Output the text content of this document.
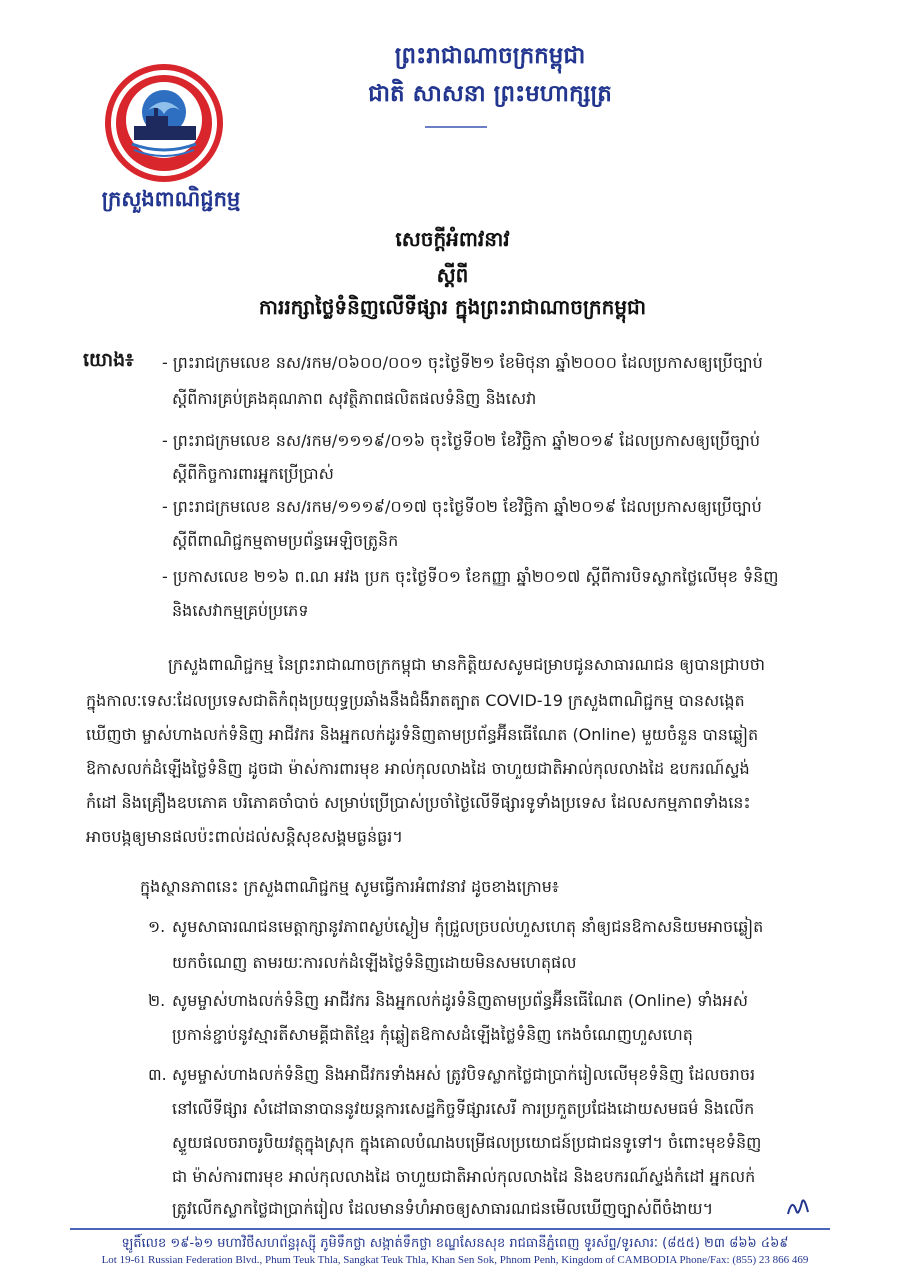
ក្រសួងពាណិជ្ជកម្ម
ព្រះរាជាណាចក្រកម្ពុជា
ជាតិ សាសនា ព្រះមហាក្សត្រ
សេចក្តីអំពាវនាវ
ស្តីពី
ការរក្សាថ្លៃទំនិញលើទីផ្សារ ក្នុងព្រះរាជាណាចក្រកម្ពុជា
យោង៖ - ព្រះរាជក្រមលេខ នស/រកម/០៦០០/០០១ ចុះថ្ងៃទី២១ ខែមិថុនា ឆ្នាំ២០០០ ដែលប្រកាសឲ្យប្រើច្បាប់
ស្តីពីការគ្រប់គ្រងគុណភាព សុវត្ថិភាពផលិតផលទំនិញ និងសេវា
- ព្រះរាជក្រមលេខ នស/រកម/១១១៩/០១៦ ចុះថ្ងៃទី០២ ខែវិច្ឆិកា ឆ្នាំ២០១៩ ដែលប្រកាសឲ្យប្រើច្បាប់
ស្តីពីកិច្ចការពារអ្នកប្រើប្រាស់
- ព្រះរាជក្រមលេខ នស/រកម/១១១៩/០១៧ ចុះថ្ងៃទី០២ ខែវិច្ឆិកា ឆ្នាំ២០១៩ ដែលប្រកាសឲ្យប្រើច្បាប់
ស្តីពីពាណិជ្ជកម្មតាមប្រព័ន្ធអេឡិចត្រូនិក
- ប្រកាសលេខ ២១៦ ព.ណ អវង ប្រក ចុះថ្ងៃទី០១ ខែកញ្ញា ឆ្នាំ២០១៧ ស្តីពីការបិទស្លាកថ្លៃលើមុខ ទំនិញ
និងសេវាកម្មគ្រប់ប្រភេទ
ក្រសួងពាណិជ្ជកម្ម នៃព្រះរាជាណាចក្រកម្ពុជា មានកិត្តិយសសូមជម្រាបជូនសាធារណជន ឲ្យបានជ្រាបថា
ក្នុងកាលៈទេសៈដែលប្រទេសជាតិកំពុងប្រយុទ្ធប្រឆាំងនឹងជំងឺរាតត្បាត COVID-19 ក្រសួងពាណិជ្ជកម្ម បានសង្កេត
ឃើញថា ម្ចាស់ហាងលក់ទំនិញ អាជីវករ និងអ្នកលក់ដូរទំនិញតាមប្រព័ន្ធអ៊ីនធើណែត (Online) មួយចំនួន បានឆ្លៀត
ឱកាសលក់ដំឡើងថ្លៃទំនិញ ដូចជា ម៉ាស់ការពារមុខ អាល់កុលលាងដៃ ចាហួយជាតិអាល់កុលលាងដៃ ឧបករណ៍ស្ទង់
កំដៅ និងគ្រឿងឧបភោគ បរិភោគចាំបាច់ សម្រាប់ប្រើប្រាស់ប្រចាំថ្ងៃលើទីផ្សារទូទាំងប្រទេស ដែលសកម្មភាពទាំងនេះ
អាចបង្កឲ្យមានផលប៉ះពាល់ដល់សន្តិសុខសង្គមធ្ងន់ធ្ងរ។
ក្នុងស្ថានភាពនេះ ក្រសួងពាណិជ្ជកម្ម សូមធ្វើការអំពាវនាវ ដូចខាងក្រោម៖
១. សូមសាធារណជនមេត្តាក្សានូវភាពស្ងប់ស្ងៀម កុំជ្រួលច្របល់ហួសហេតុ នាំឲ្យជនឱកាសនិយមអាចឆ្លៀត
យកចំណេញ តាមរយៈការលក់ដំឡើងថ្លៃទំនិញដោយមិនសមហេតុផល
២. សូមម្ចាស់ហាងលក់ទំនិញ អាជីវករ និងអ្នកលក់ដូរទំនិញតាមប្រព័ន្ធអ៊ីនធើណែត (Online) ទាំងអស់
ប្រកាន់ខ្ជាប់នូវស្មារតីសាមគ្គីជាតិខ្មែរ កុំឆ្លៀតឱកាសដំឡើងថ្លៃទំនិញ កេងចំណេញហួសហេតុ
៣. សូមម្ចាស់ហាងលក់ទំនិញ និងអាជីវករទាំងអស់ ត្រូវបិទស្លាកថ្លៃជាប្រាក់រៀលលើមុខទំនិញ ដែលចរាចរ
នៅលើទីផ្សារ សំដៅធានាបាននូវយន្តការសេដ្ឋកិច្ចទីផ្សារសេរី ការប្រកួតប្រជែងដោយសមធម៌ និងលើក
ស្ទួយផលចរាចរូបិយវត្ថុក្នុងស្រុក ក្នុងគោលបំណងបម្រើផលប្រយោជន៍ប្រជាជនទូទៅ។ ចំពោះមុខទំនិញ
ជា ម៉ាស់ការពារមុខ អាល់កុលលាងដៃ ចាហួយជាតិអាល់កុលលាងដៃ និងឧបករណ៍ស្ទង់កំដៅ អ្នកលក់
ត្រូវលើកស្លាកថ្លៃជាប្រាក់រៀល ដែលមានទំហំអាចឲ្យសាធារណជនមើលឃើញច្បាស់ពីចំងាយ។
ឡូតិ៍លេខ ១៩-៦១ មហាវិថីសហព័ន្ធរុស្ស៊ី ភូមិទឹកថ្លា សង្កាត់ទឹកថ្លា ខណ្ឌសែនសុខ រាជធានីភ្នំពេញ ទូរស័ព្ទ/ទូរសារៈ (៨៥៥) ២៣ ៨៦៦ ៤៦៩
Lot 19-61 Russian Federation Blvd., Phum Teuk Thla, Sangkat Teuk Thla, Khan Sen Sok, Phnom Penh, Kingdom of CAMBODIA Phone/Fax: (855) 23 866 469
